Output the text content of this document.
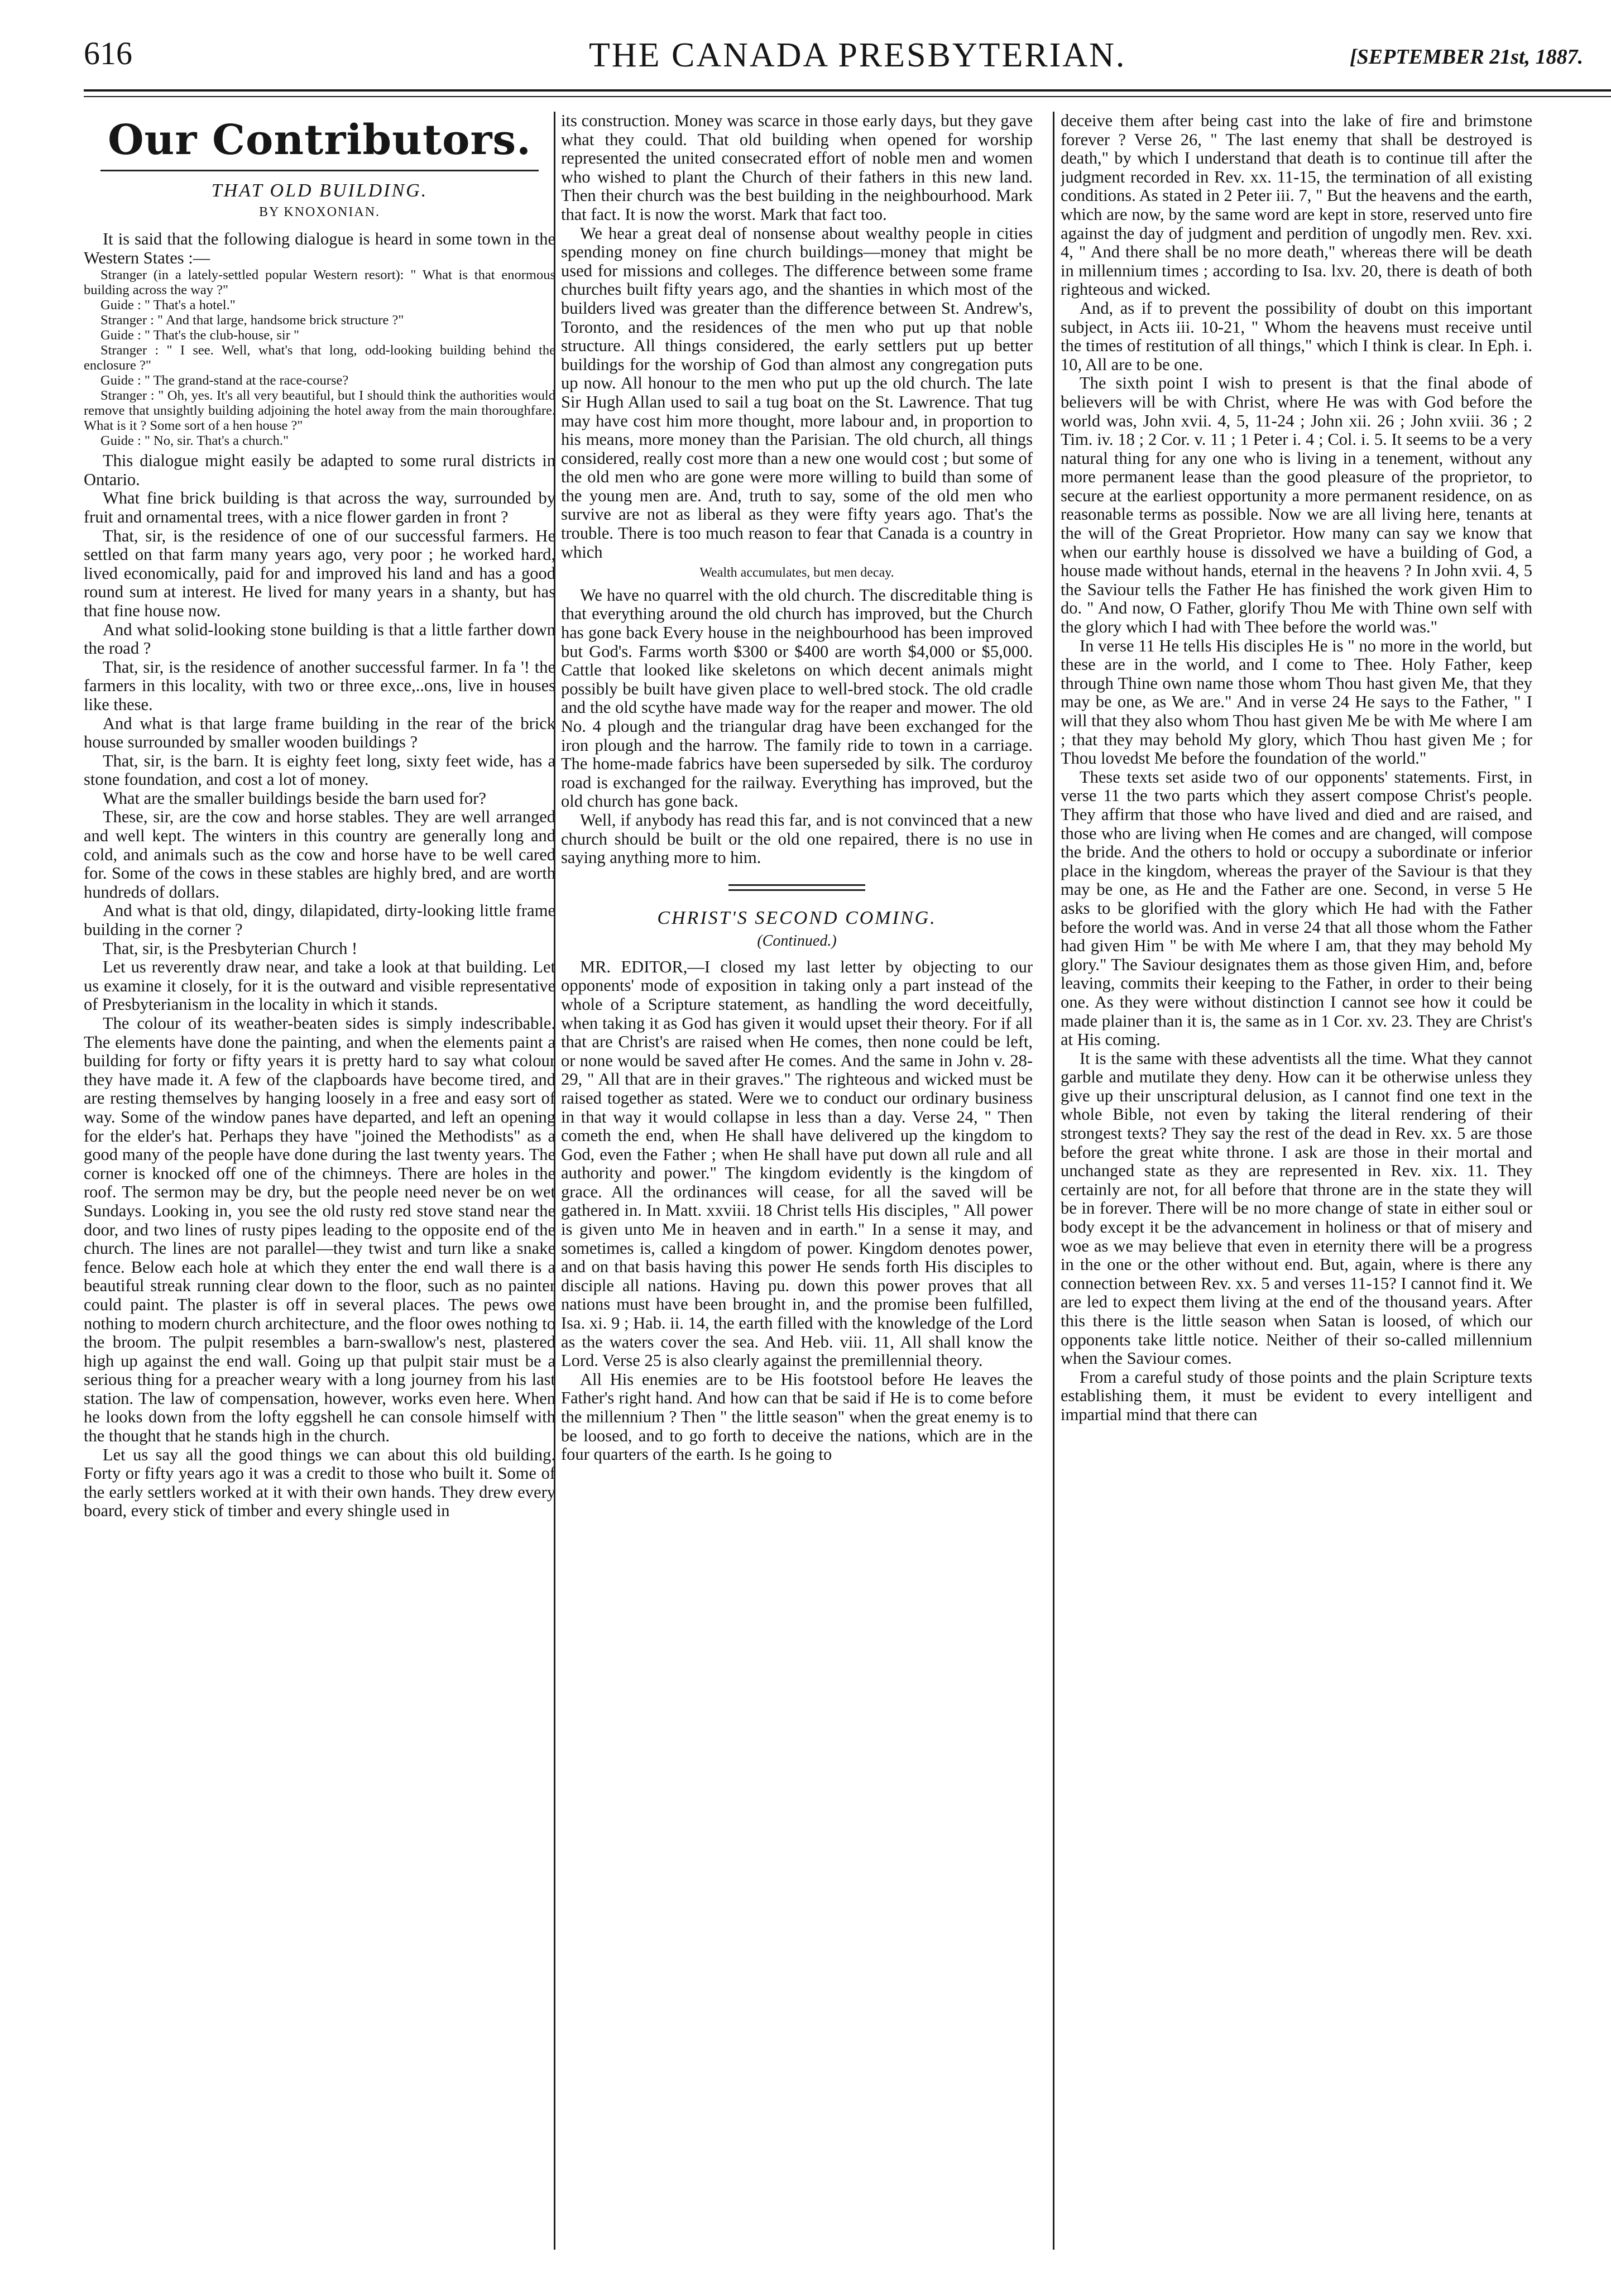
616	THE CANADA PRESBYTERIAN.	[SEPTEMBER 21st, 1887.
Our Contributors.
THAT OLD BUILDING.
BY KNOXONIAN.

It is said that the following dialogue is heard in some town in the Western States :—

Stranger (in a lately-settled popular Western resort): " What is that enormous building across the way ?"

Guide : " That's a hotel."

Stranger : " And that large, handsome brick structure ?"

Guide : " That's the club-house, sir "

Stranger : " I see. Well, what's that long, odd-looking building behind the enclosure ?"

Guide : " The grand-stand at the race-course?

Stranger : " Oh, yes. It's all very beautiful, but I should think the authorities would remove that unsightly building adjoining the hotel away from the main thoroughfare. What is it ? Some sort of a hen house ?"

Guide : " No, sir. That's a church."

This dialogue might easily be adapted to some rural districts in Ontario.

What fine brick building is that across the way, surrounded by fruit and ornamental trees, with a nice flower garden in front ?

That, sir, is the residence of one of our successful farmers. He settled on that farm many years ago, very poor ; he worked hard, lived economically, paid for and improved his land and has a good round sum at interest. He lived for many years in a shanty, but has that fine house now.

And what solid-looking stone building is that a little farther down the road ?

That, sir, is the residence of another successful farmer. In fa '! the farmers in this locality, with two or three exce,..ons, live in houses like these.

And what is that large frame building in the rear of the brick house surrounded by smaller wooden buildings ?

That, sir, is the barn. It is eighty feet long, sixty feet wide, has a stone foundation, and cost a lot of money.

What are the smaller buildings beside the barn used for?

These, sir, are the cow and horse stables. They are well arranged and well kept. The winters in this country are generally long and cold, and animals such as the cow and horse have to be well cared for. Some of the cows in these stables are highly bred, and are worth hundreds of dollars.

And what is that old, dingy, dilapidated, dirty-looking little frame building in the corner ?

That, sir, is the Presbyterian Church !

Let us reverently draw near, and take a look at that building. Let us examine it closely, for it is the outward and visible representative of Presbyterianism in the locality in which it stands.

The colour of its weather-beaten sides is simply indescribable. The elements have done the painting, and when the elements paint a building for forty or fifty years it is pretty hard to say what colour they have made it. A few of the clapboards have become tired, and are resting themselves by hanging loosely in a free and easy sort of way. Some of the window panes have departed, and left an opening for the elder's hat. Perhaps they have "joined the Methodists" as a good many of the people have done during the last twenty years. The corner is knocked off one of the chimneys. There are holes in the roof. The sermon may be dry, but the people need never be on wet Sundays. Looking in, you see the old rusty red stove stand near the door, and two lines of rusty pipes leading to the opposite end of the church. The lines are not parallel—they twist and turn like a snake fence. Below each hole at which they enter the end wall there is a beautiful streak running clear down to the floor, such as no painter could paint. The plaster is off in several places. The pews owe nothing to modern church architecture, and the floor owes nothing to the broom. The pulpit resembles a barn-swallow's nest, plastered high up against the end wall. Going up that pulpit stair must be a serious thing for a preacher weary with a long journey from his last station. The law of compensation, however, works even here. When he looks down from the lofty eggshell he can console himself with the thought that he stands high in the church.

Let us say all the good things we can about this old building. Forty or fifty years ago it was a credit to those who built it. Some of the early settlers worked at it with their own hands. They drew every board, every stick of timber and every shingle used in

its construction. Money was scarce in those early days, but they gave what they could. That old building when opened for worship represented the united consecrated effort of noble men and women who wished to plant the Church of their fathers in this new land. Then their church was the best building in the neighbourhood. Mark that fact. It is now the worst. Mark that fact too.

We hear a great deal of nonsense about wealthy people in cities spending money on fine church buildings—money that might be used for missions and colleges. The difference between some frame churches built fifty years ago, and the shanties in which most of the builders lived was greater than the difference between St. Andrew's, Toronto, and the residences of the men who put up that noble structure. All things considered, the early settlers put up better buildings for the worship of God than almost any congregation puts up now. All honour to the men who put up the old church. The late Sir Hugh Allan used to sail a tug boat on the St. Lawrence. That tug may have cost him more thought, more labour and, in proportion to his means, more money than the Parisian. The old church, all things considered, really cost more than a new one would cost ; but some of the old men who are gone were more willing to build than some of the young men are. And, truth to say, some of the old men who survive are not as liberal as they were fifty years ago. That's the trouble. There is too much reason to fear that Canada is a country in which

Wealth accumulates, but men decay.

We have no quarrel with the old church. The discreditable thing is that everything around the old church has improved, but the Church has gone back Every house in the neighbourhood has been improved but God's. Farms worth $300 or $400 are worth $4,000 or $5,000. Cattle that looked like skeletons on which decent animals might possibly be built have given place to well-bred stock. The old cradle and the old scythe have made way for the reaper and mower. The old No. 4 plough and the triangular drag have been exchanged for the iron plough and the harrow. The family ride to town in a carriage. The home-made fabrics have been superseded by silk. The corduroy road is exchanged for the railway. Everything has improved, but the old church has gone back.

Well, if anybody has read this far, and is not convinced that a new church should be built or the old one repaired, there is no use in saying anything more to him.

CHRIST'S SECOND COMING.
(Continued.)

MR. EDITOR,—I closed my last letter by objecting to our opponents' mode of exposition in taking only a part instead of the whole of a Scripture statement, as handling the word deceitfully, when taking it as God has given it would upset their theory. For if all that are Christ's are raised when He comes, then none could be left, or none would be saved after He comes. And the same in John v. 28-29, " All that are in their graves." The righteous and wicked must be raised together as stated. Were we to conduct our ordinary business in that way it would collapse in less than a day. Verse 24, " Then cometh the end, when He shall have delivered up the kingdom to God, even the Father ; when He shall have put down all rule and all authority and power." The kingdom evidently is the kingdom of grace. All the ordinances will cease, for all the saved will be gathered in. In Matt. xxviii. 18 Christ tells His disciples, " All power is given unto Me in heaven and in earth." In a sense it may, and sometimes is, called a kingdom of power. Kingdom denotes power, and on that basis having this power He sends forth His disciples to disciple all nations. Having pu. down this power proves that all nations must have been brought in, and the promise been fulfilled, Isa. xi. 9 ; Hab. ii. 14, the earth filled with the knowledge of the Lord as the waters cover the sea. And Heb. viii. 11, All shall know the Lord. Verse 25 is also clearly against the premillennial theory.

All His enemies are to be His footstool before He leaves the Father's right hand. And how can that be said if He is to come before the millennium ? Then " the little season" when the great enemy is to be loosed, and to go forth to deceive the nations, which are in the four quarters of the earth. Is he going to

deceive them after being cast into the lake of fire and brimstone forever ? Verse 26, " The last enemy that shall be destroyed is death," by which I understand that death is to continue till after the judgment recorded in Rev. xx. 11-15, the termination of all existing conditions. As stated in 2 Peter iii. 7, " But the heavens and the earth, which are now, by the same word are kept in store, reserved unto fire against the day of judgment and perdition of ungodly men. Rev. xxi. 4, " And there shall be no more death," whereas there will be death in millennium times ; according to Isa. lxv. 20, there is death of both righteous and wicked.

And, as if to prevent the possibility of doubt on this important subject, in Acts iii. 10-21, " Whom the heavens must receive until the times of restitution of all things," which I think is clear. In Eph. i. 10, All are to be one.

The sixth point I wish to present is that the final abode of believers will be with Christ, where He was with God before the world was, John xvii. 4, 5, 11-24 ; John xii. 26 ; John xviii. 36 ; 2 Tim. iv. 18 ; 2 Cor. v. 11 ; 1 Peter i. 4 ; Col. i. 5. It seems to be a very natural thing for any one who is living in a tenement, without any more permanent lease than the good pleasure of the proprietor, to secure at the earliest opportunity a more permanent residence, on as reasonable terms as possible. Now we are all living here, tenants at the will of the Great Proprietor. How many can say we know that when our earthly house is dissolved we have a building of God, a house made without hands, eternal in the heavens ? In John xvii. 4, 5 the Saviour tells the Father He has finished the work given Him to do. " And now, O Father, glorify Thou Me with Thine own self with the glory which I had with Thee before the world was."

In verse 11 He tells His disciples He is " no more in the world, but these are in the world, and I come to Thee. Holy Father, keep through Thine own name those whom Thou hast given Me, that they may be one, as We are." And in verse 24 He says to the Father, " I will that they also whom Thou hast given Me be with Me where I am ; that they may behold My glory, which Thou hast given Me ; for Thou lovedst Me before the foundation of the world."

These texts set aside two of our opponents' statements. First, in verse 11 the two parts which they assert compose Christ's people. They affirm that those who have lived and died and are raised, and those who are living when He comes and are changed, will compose the bride. And the others to hold or occupy a subordinate or inferior place in the kingdom, whereas the prayer of the Saviour is that they may be one, as He and the Father are one. Second, in verse 5 He asks to be glorified with the glory which He had with the Father before the world was. And in verse 24 that all those whom the Father had given Him " be with Me where I am, that they may behold My glory." The Saviour designates them as those given Him, and, before leaving, commits their keeping to the Father, in order to their being one. As they were without distinction I cannot see how it could be made plainer than it is, the same as in 1 Cor. xv. 23. They are Christ's at His coming.

It is the same with these adventists all the time. What they cannot garble and mutilate they deny. How can it be otherwise unless they give up their unscriptural delusion, as I cannot find one text in the whole Bible, not even by taking the literal rendering of their strongest texts? They say the rest of the dead in Rev. xx. 5 are those before the great white throne. I ask are those in their mortal and unchanged state as they are represented in Rev. xix. 11. They certainly are not, for all before that throne are in the state they will be in forever. There will be no more change of state in either soul or body except it be the advancement in holiness or that of misery and woe as we may believe that even in eternity there will be a progress in the one or the other without end. But, again, where is there any connection between Rev. xx. 5 and verses 11-15? I cannot find it. We are led to expect them living at the end of the thousand years. After this there is the little season when Satan is loosed, of which our opponents take little notice. Neither of their so-called millennium when the Saviour comes.

From a careful study of those points and the plain Scripture texts establishing them, it must be evident to every intelligent and impartial mind that there can
